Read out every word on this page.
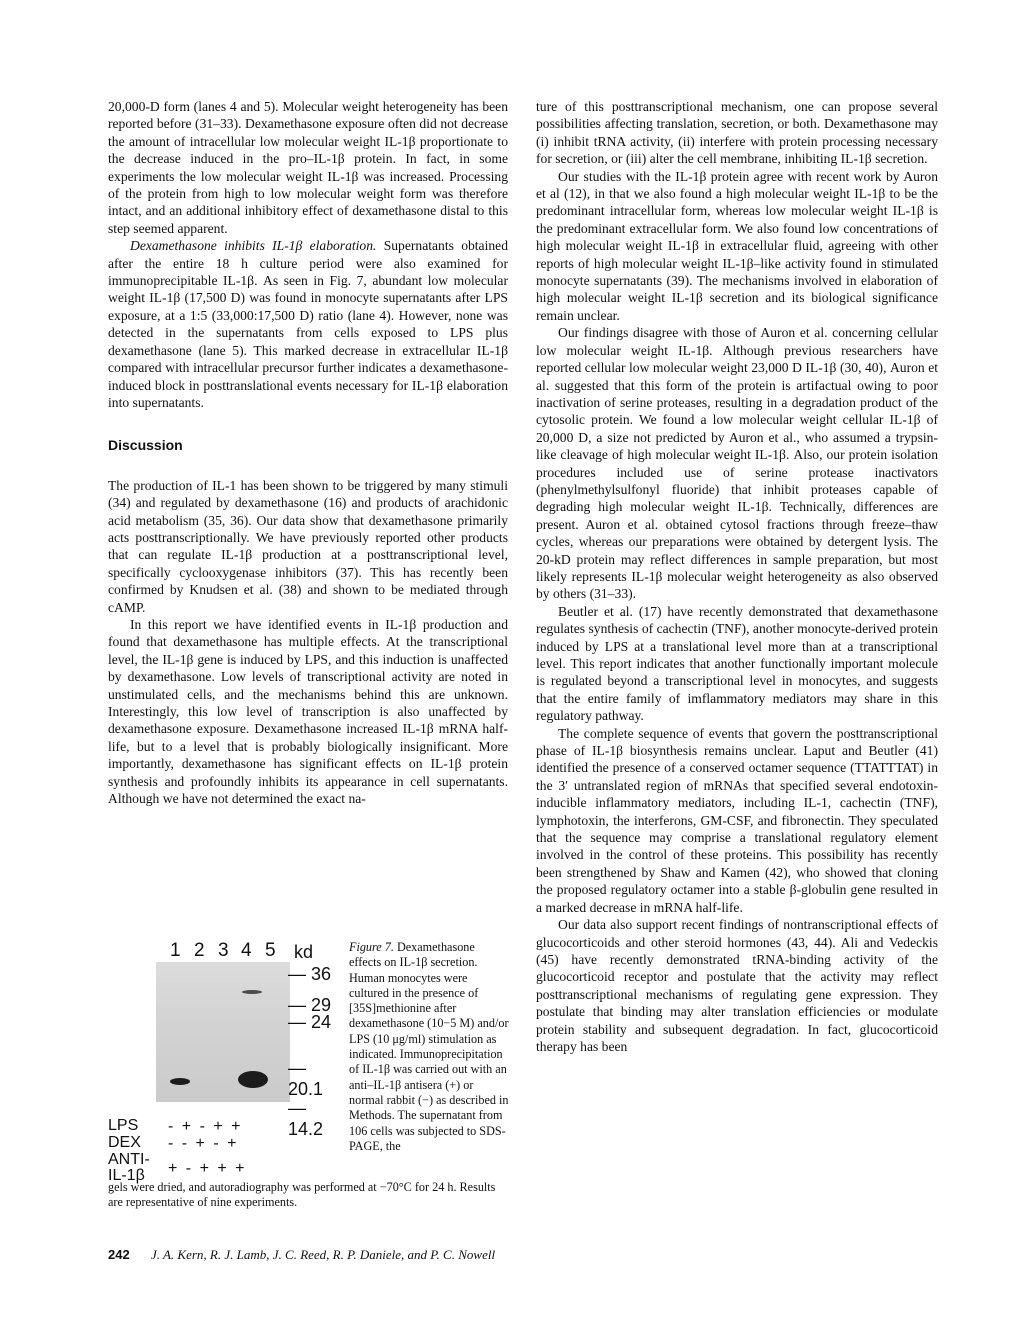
20,000-D form (lanes 4 and 5). Molecular weight heterogeneity has been reported before (31–33). Dexamethasone exposure often did not decrease the amount of intracellular low molecular weight IL-1β proportionate to the decrease induced in the pro–IL-1β protein. In fact, in some experiments the low molecular weight IL-1β was increased. Processing of the protein from high to low molecular weight form was therefore intact, and an additional inhibitory effect of dexamethasone distal to this step seemed apparent.

Dexamethasone inhibits IL-1β elaboration. Supernatants obtained after the entire 18 h culture period were also examined for immunoprecipitable IL-1β. As seen in Fig. 7, abundant low molecular weight IL-1β (17,500 D) was found in monocyte supernatants after LPS exposure, at a 1:5 (33,000:17,500 D) ratio (lane 4). However, none was detected in the supernatants from cells exposed to LPS plus dexamethasone (lane 5). This marked decrease in extracellular IL-1β compared with intracellular precursor further indicates a dexamethasone-induced block in posttranslational events necessary for IL-1β elaboration into supernatants.

Discussion

The production of IL-1 has been shown to be triggered by many stimuli (34) and regulated by dexamethasone (16) and products of arachidonic acid metabolism (35, 36). Our data show that dexamethasone primarily acts posttranscriptionally. We have previously reported other products that can regulate IL-1β production at a posttranscriptional level, specifically cyclooxygenase inhibitors (37). This has recently been confirmed by Knudsen et al. (38) and shown to be mediated through cAMP.

In this report we have identified events in IL-1β production and found that dexamethasone has multiple effects. At the transcriptional level, the IL-1β gene is induced by LPS, and this induction is unaffected by dexamethasone. Low levels of transcriptional activity are noted in unstimulated cells, and the mechanisms behind this are unknown. Interestingly, this low level of transcription is also unaffected by dexamethasone exposure. Dexamethasone increased IL-1β mRNA half-life, but to a level that is probably biologically insignificant. More importantly, dexamethasone has significant effects on IL-1β protein synthesis and profoundly inhibits its appearance in cell supernatants. Although we have not determined the exact na-

ture of this posttranscriptional mechanism, one can propose several possibilities affecting translation, secretion, or both. Dexamethasone may (i) inhibit tRNA activity, (ii) interfere with protein processing necessary for secretion, or (iii) alter the cell membrane, inhibiting IL-1β secretion.

Our studies with the IL-1β protein agree with recent work by Auron et al (12), in that we also found a high molecular weight IL-1β to be the predominant intracellular form, whereas low molecular weight IL-1β is the predominant extracellular form. We also found low concentrations of high molecular weight IL-1β in extracellular fluid, agreeing with other reports of high molecular weight IL-1β–like activity found in stimulated monocyte supernatants (39). The mechanisms involved in elaboration of high molecular weight IL-1β secretion and its biological significance remain unclear.

Our findings disagree with those of Auron et al. concerning cellular low molecular weight IL-1β. Although previous researchers have reported cellular low molecular weight 23,000 D IL-1β (30, 40), Auron et al. suggested that this form of the protein is artifactual owing to poor inactivation of serine proteases, resulting in a degradation product of the cytosolic protein. We found a low molecular weight cellular IL-1β of 20,000 D, a size not predicted by Auron et al., who assumed a trypsin-like cleavage of high molecular weight IL-1β. Also, our protein isolation procedures included use of serine protease inactivators (phenylmethylsulfonyl fluoride) that inhibit proteases capable of degrading high molecular weight IL-1β. Technically, differences are present. Auron et al. obtained cytosol fractions through freeze–thaw cycles, whereas our preparations were obtained by detergent lysis. The 20-kD protein may reflect differences in sample preparation, but most likely represents IL-1β molecular weight heterogeneity as also observed by others (31–33).

Beutler et al. (17) have recently demonstrated that dexamethasone regulates synthesis of cachectin (TNF), another monocyte-derived protein induced by LPS at a translational level more than at a transcriptional level. This report indicates that another functionally important molecule is regulated beyond a transcriptional level in monocytes, and suggests that the entire family of imflammatory mediators may share in this regulatory pathway.

The complete sequence of events that govern the posttranscriptional phase of IL-1β biosynthesis remains unclear. Laput and Beutler (41) identified the presence of a conserved octamer sequence (TTATTTAT) in the 3′ untranslated region of mRNAs that specified several endotoxin-inducible inflammatory mediators, including IL-1, cachectin (TNF), lymphotoxin, the interferons, GM-CSF, and fibronectin. They speculated that the sequence may comprise a translational regulatory element involved in the control of these proteins. This possibility has recently been strengthened by Shaw and Kamen (42), who showed that cloning the proposed regulatory octamer into a stable β-globulin gene resulted in a marked decrease in mRNA half-life.

Our data also support recent findings of nontranscriptional effects of glucocorticoids and other steroid hormones (43, 44). Ali and Vedeckis (45) have recently demonstrated tRNA-binding activity of the glucocorticoid receptor and postulate that the activity may reflect posttranscriptional mechanisms of regulating gene expression. They postulate that binding may alter translation efficiencies or modulate protein stability and subsequent degradation. In fact, glucocorticoid therapy has been

1 2 3 4 5 kd
— 36
— 29
— 24
— 20.1
— 14.2
LPS - + - + +
DEX - - + - +
ANTI-
IL-1β	+ - + + +
Figure 7. Dexamethasone effects on IL-1β secretion. Human monocytes were cultured in the presence of [35S]methionine after dexamethasone (10−5 M) and/or LPS (10 μg/ml) stimulation as indicated. Immunoprecipitation of IL-1β was carried out with an anti–IL-1β antisera (+) or normal rabbit (−) as described in Methods. The supernatant from 106 cells was subjected to SDS-PAGE, the
gels were dried, and autoradiography was performed at −70°C for 24 h. Results are representative of nine experiments.
242 J. A. Kern, R. J. Lamb, J. C. Reed, R. P. Daniele, and P. C. Nowell
